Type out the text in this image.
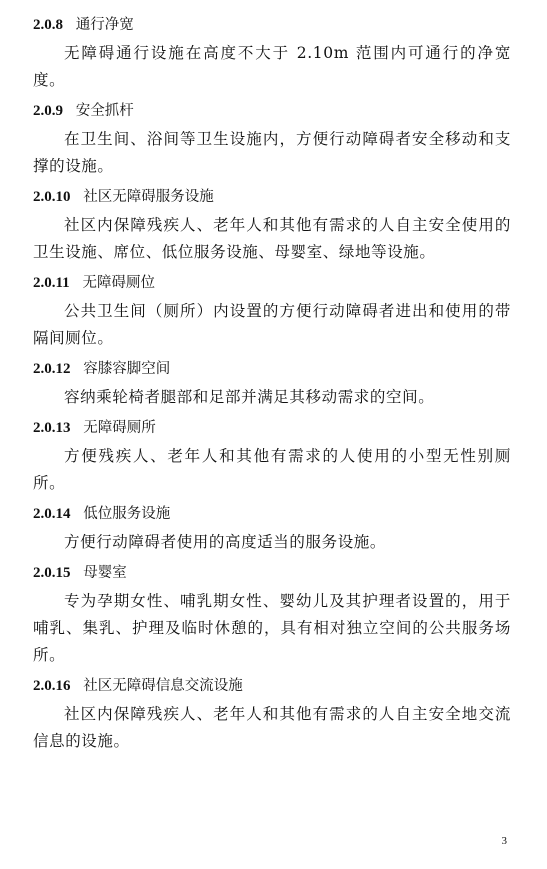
2.0.8 通行净宽

无障碍通行设施在高度不大于 2.10m 范围内可通行的净宽度。

2.0.9 安全抓杆

在卫生间、浴间等卫生设施内，方便行动障碍者安全移动和支撑的设施。

2.0.10 社区无障碍服务设施

社区内保障残疾人、老年人和其他有需求的人自主安全使用的卫生设施、席位、低位服务设施、母婴室、绿地等设施。

2.0.11 无障碍厕位

公共卫生间（厕所）内设置的方便行动障碍者进出和使用的带隔间厕位。

2.0.12 容膝容脚空间

容纳乘轮椅者腿部和足部并满足其移动需求的空间。

2.0.13 无障碍厕所

方便残疾人、老年人和其他有需求的人使用的小型无性别厕所。

2.0.14 低位服务设施

方便行动障碍者使用的高度适当的服务设施。

2.0.15 母婴室

专为孕期女性、哺乳期女性、婴幼儿及其护理者设置的，用于哺乳、集乳、护理及临时休憩的，具有相对独立空间的公共服务场所。

2.0.16 社区无障碍信息交流设施

社区内保障残疾人、老年人和其他有需求的人自主安全地交流信息的设施。

3
